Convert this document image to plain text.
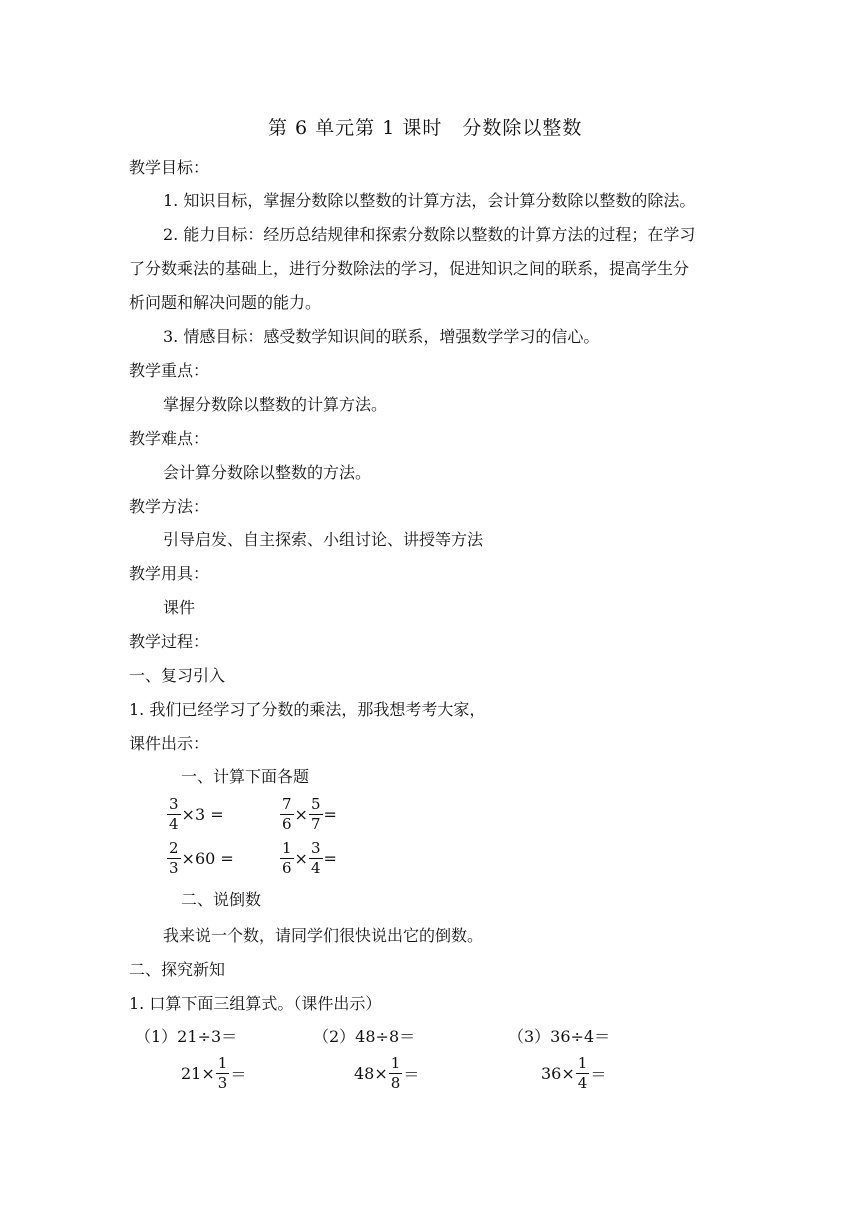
第 6 单元第 1 课时　分数除以整数
教学目标：
1. 知识目标，掌握分数除以整数的计算方法，会计算分数除以整数的除法。
2. 能力目标：经历总结规律和探索分数除以整数的计算方法的过程；在学习
了分数乘法的基础上，进行分数除法的学习，促进知识之间的联系，提高学生分
析问题和解决问题的能力。
3. 情感目标：感受数学知识间的联系，增强数学学习的信心。
教学重点：
掌握分数除以整数的计算方法。
教学难点：
会计算分数除以整数的方法。
教学方法：
引导启发、自主探索、小组讨论、讲授等方法
教学用具：
课件
教学过程：
一、复习引入
1. 我们已经学习了分数的乘法，那我想考考大家，
课件出示：
一、计算下面各题
$\frac{3}{4} \times 3$ =	$\frac{7}{6} \times \frac{5}{7}$ =
$\frac{2}{3} \times 60$ =	$\frac{1}{6} \times \frac{3}{4}$ =
二、说倒数
我来说一个数，请同学们很快说出它的倒数。
二、探究新知
1. 口算下面三组算式。（课件出示）
（1）21÷3＝	（2）48÷8＝	（3）36÷4＝
$21\times \frac{1}{3}$ ＝	$48\times \frac{1}{8}$ ＝	$36\times \frac{1}{4}$ ＝
